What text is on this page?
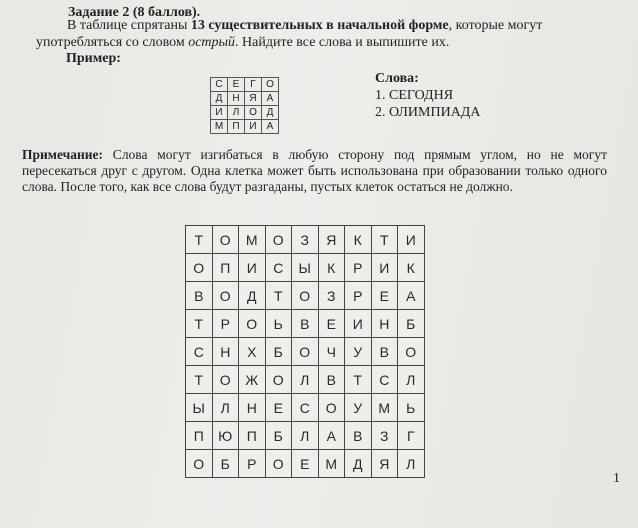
Задание 2 (8 баллов).
В таблице спрятаны 13 существительных в начальной форме, которые могут
употребляться со словом острый. Найдите все слова и выпишите их.
Пример:
С	Е	Г	О
Д	Н	Я	А
И	Л	О	Д
М	П	И	А
Слова:
1. СЕГОДНЯ
2. ОЛИМПИАДА
Примечание: Слова могут изгибаться в любую сторону под прямым углом, но не могут пересекаться друг с другом. Одна клетка может быть использована при образовании только одного слова. После того, как все слова будут разгаданы, пустых клеток остаться не должно.
Т	О	М	О	З	Я	К	Т	И
О	П	И	С	Ы	К	Р	И	К
В	О	Д	Т	О	З	Р	Е	А
Т	Р	О	Ь	В	Е	И	Н	Б
С	Н	Х	Б	О	Ч	У	В	О
Т	О	Ж	О	Л	В	Т	С	Л
Ы	Л	Н	Е	С	О	У	М	Ь
П	Ю	П	Б	Л	А	В	З	Г
О	Б	Р	О	Е	М	Д	Я	Л
1
